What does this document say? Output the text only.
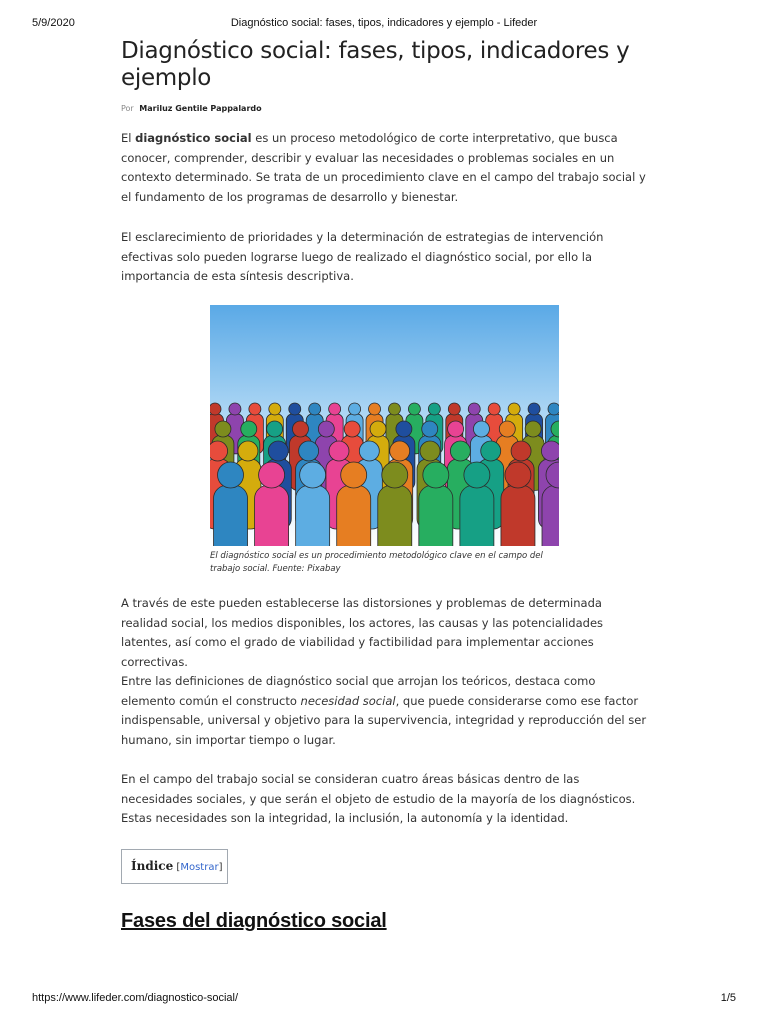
5/9/2020	Diagnóstico social: fases, tipos, indicadores y ejemplo - Lifeder
Diagnóstico social: fases, tipos, indicadores y ejemplo
Por Mariluz Gentile Pappalardo

El diagnóstico social es un proceso metodológico de corte interpretativo, que busca conocer, comprender, describir y evaluar las necesidades o problemas sociales en un contexto determinado. Se trata de un procedimiento clave en el campo del trabajo social y el fundamento de los programas de desarrollo y bienestar.

El esclarecimiento de prioridades y la determinación de estrategias de intervención efectivas solo pueden lograrse luego de realizado el diagnóstico social, por ello la importancia de esta síntesis descriptiva.

El diagnóstico social es un procedimiento metodológico clave en el campo del trabajo social. Fuente: Pixabay

A través de este pueden establecerse las distorsiones y problemas de determinada realidad social, los medios disponibles, los actores, las causas y las potencialidades latentes, así como el grado de viabilidad y factibilidad para implementar acciones correctivas.

Entre las definiciones de diagnóstico social que arrojan los teóricos, destaca como elemento común el constructo necesidad social, que puede considerarse como ese factor indispensable, universal y objetivo para la supervivencia, integridad y reproducción del ser humano, sin importar tiempo o lugar.

En el campo del trabajo social se consideran cuatro áreas básicas dentro de las necesidades sociales, y que serán el objeto de estudio de la mayoría de los diagnósticos. Estas necesidades son la integridad, la inclusión, la autonomía y la identidad.

Índice [Mostrar]
Fases del diagnóstico social
https://www.lifeder.com/diagnostico-social/	1/5
